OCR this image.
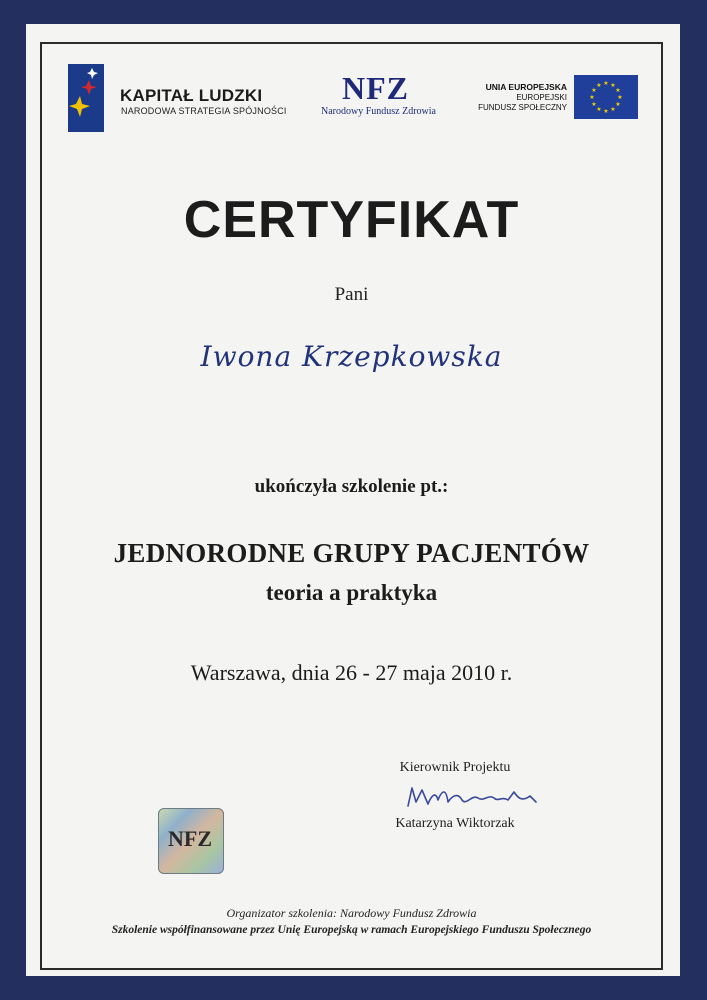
KAPITAŁ LUDZKI
NARODOWA STRATEGIA SPÓJNOŚCI
NFZ
Narodowy Fundusz Zdrowia
UNIA EUROPEJSKA
EUROPEJSKI
FUNDUSZ SPOŁECZNY
★ ★
★
★
★
★
★
★
★
★
★
★
CERTYFIKAT
Pani
Iwona Krzepkowska
ukończyła szkolenie pt.:
JEDNORODNE GRUPY PACJENTÓW
teoria a praktyka
Warszawa, dnia 26 - 27 maja 2010 r.
Kierownik Projektu
Katarzyna Wiktorzak
NFZ
Organizator szkolenia: Narodowy Fundusz Zdrowia
Szkolenie współfinansowane przez Unię Europejską w ramach Europejskiego Funduszu Społecznego
